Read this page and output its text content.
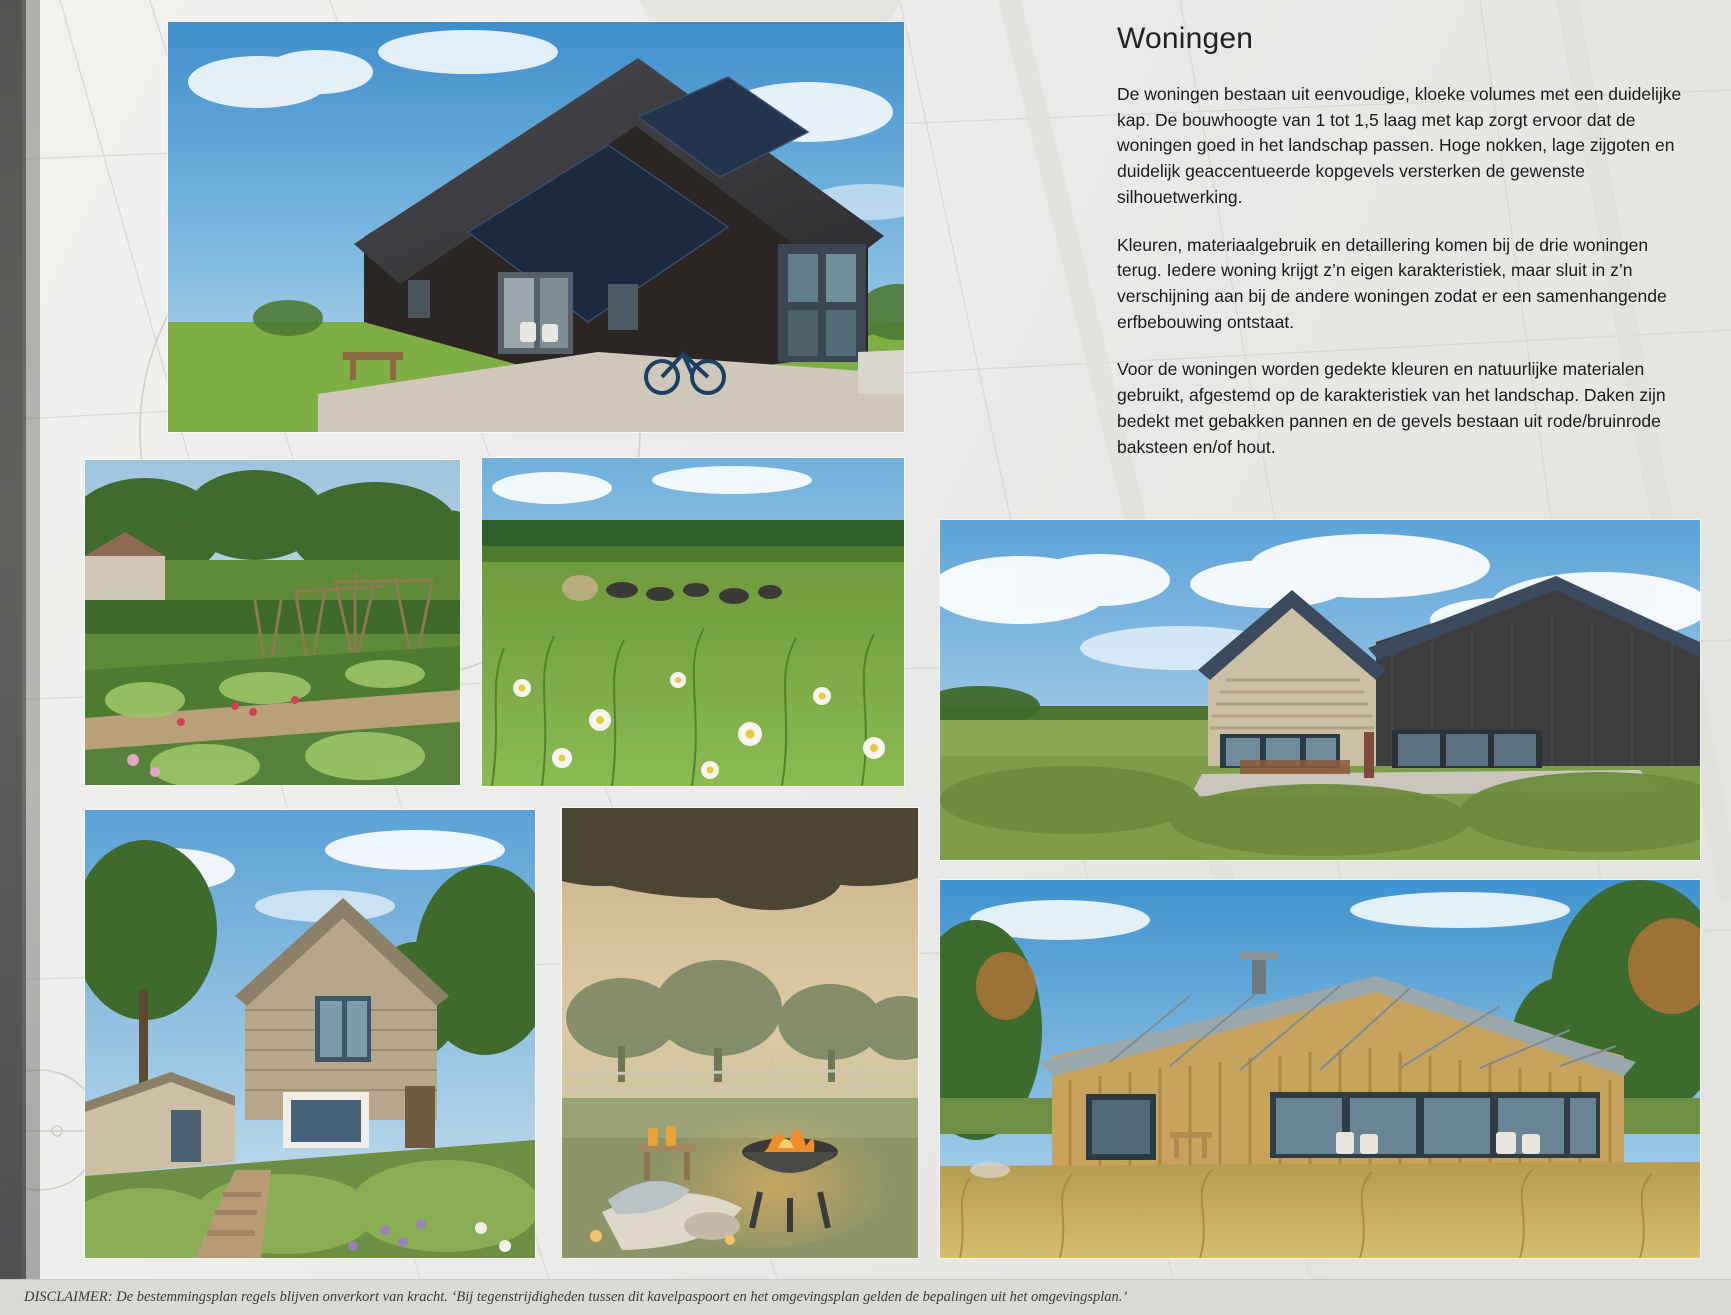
Woningen

De woningen bestaan uit eenvoudige, kloeke volumes met een duidelijke kap. De bouwhoogte van 1 tot 1,5 laag met kap zorgt ervoor dat de woningen goed in het landschap passen. Hoge nokken, lage zijgoten en duidelijk geaccentueerde kopgevels versterken de gewenste silhouetwerking.

Kleuren, materiaalgebruik en detaillering komen bij de drie woningen terug. Iedere woning krijgt z’n eigen karakteristiek, maar sluit in z’n verschijning aan bij de andere woningen zodat er een samenhangende erfbebouwing ontstaat.

Voor de woningen worden gedekte kleuren en natuurlijke materialen gebruikt, afgestemd op de karakteristiek van het landschap. Daken zijn bedekt met gebakken pannen en de gevels bestaan uit rode/bruinrode baksteen en/of hout.

DISCLAIMER: De bestemmingsplan regels blijven onverkort van kracht. ‘Bij tegenstrijdigheden tussen dit kavelpaspoort en het omgevingsplan gelden de bepalingen uit het omgevingsplan.’
